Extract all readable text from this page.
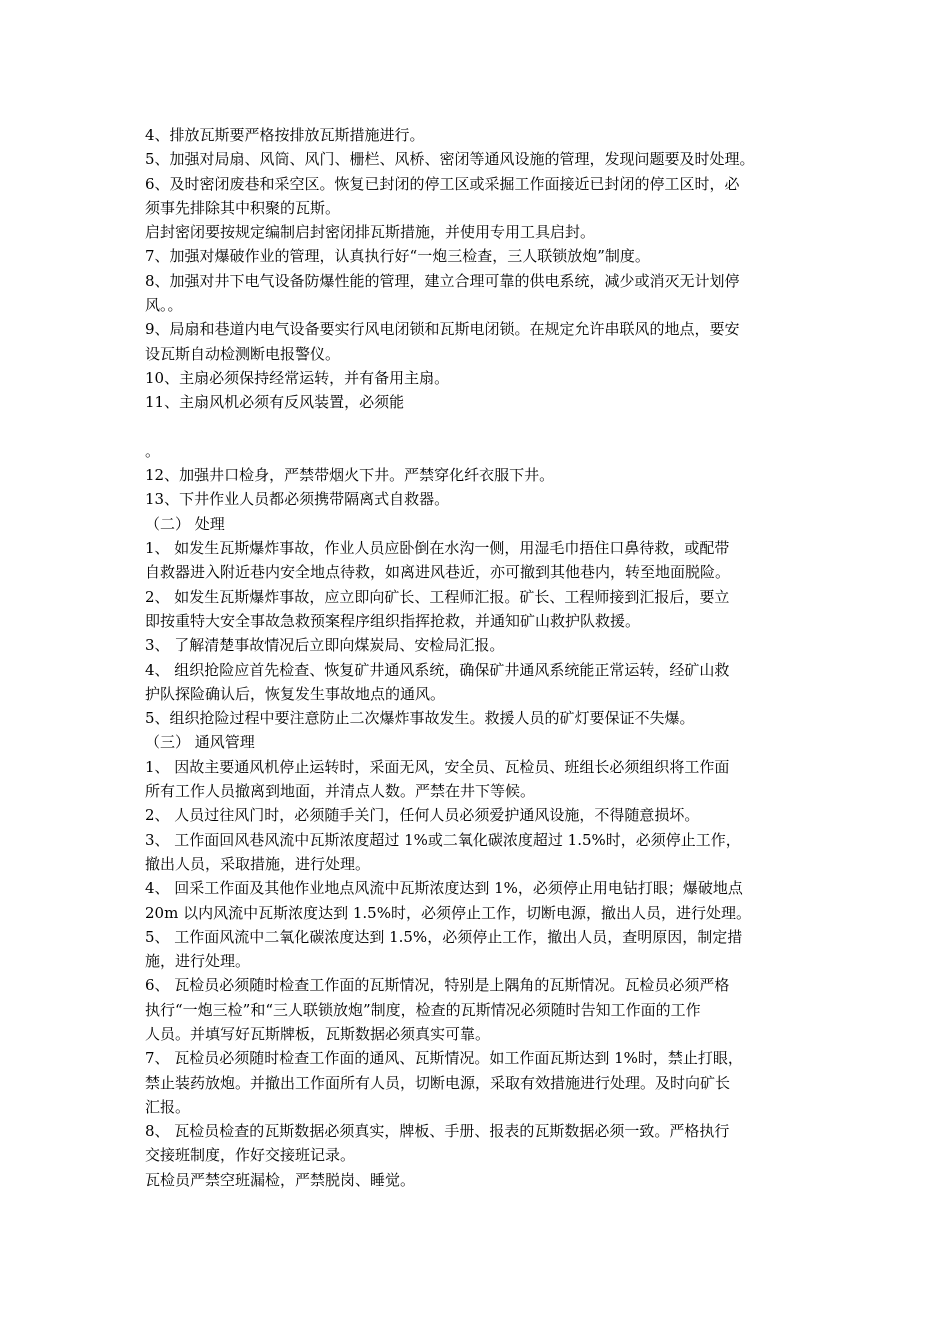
4、排放瓦斯要严格按排放瓦斯措施进行。
5、加强对局扇、风筒、风门、栅栏、风桥、密闭等通风设施的管理，发现问题要及时处理。
6、及时密闭废巷和采空区。恢复已封闭的停工区或采掘工作面接近已封闭的停工区时，必
须事先排除其中积聚的瓦斯。
启封密闭要按规定编制启封密闭排瓦斯措施，并使用专用工具启封。
7、加强对爆破作业的管理，认真执行好“一炮三检查，三人联锁放炮”制度。
8、加强对井下电气设备防爆性能的管理，建立合理可靠的供电系统，减少或消灭无计划停
风。。
9、局扇和巷道内电气设备要实行风电闭锁和瓦斯电闭锁。在规定允许串联风的地点，要安
设瓦斯自动检测断电报警仪。
10、主扇必须保持经常运转，并有备用主扇。
11、主扇风机必须有反风装置，必须能
。
12、加强井口检身，严禁带烟火下井。严禁穿化纤衣服下井。
13、下井作业人员都必须携带隔离式自救器。
（二） 处理
1、 如发生瓦斯爆炸事故，作业人员应卧倒在水沟一侧，用湿毛巾捂住口鼻待救，或配带
自救器进入附近巷内安全地点待救，如离进风巷近，亦可撤到其他巷内，转至地面脱险。
2、 如发生瓦斯爆炸事故，应立即向矿长、工程师汇报。矿长、工程师接到汇报后，要立
即按重特大安全事故急救预案程序组织指挥抢救，并通知矿山救护队救援。
3、 了解清楚事故情况后立即向煤炭局、安检局汇报。
4、 组织抢险应首先检查、恢复矿井通风系统，确保矿井通风系统能正常运转，经矿山救
护队探险确认后，恢复发生事故地点的通风。
5、组织抢险过程中要注意防止二次爆炸事故发生。救援人员的矿灯要保证不失爆。
（三） 通风管理
1、 因故主要通风机停止运转时，采面无风，安全员、瓦检员、班组长必须组织将工作面
所有工作人员撤离到地面，并清点人数。严禁在井下等候。
2、 人员过往风门时，必须随手关门，任何人员必须爱护通风设施，不得随意损坏。
3、 工作面回风巷风流中瓦斯浓度超过 1%或二氧化碳浓度超过 1.5%时，必须停止工作，
撤出人员，采取措施，进行处理。
4、 回采工作面及其他作业地点风流中瓦斯浓度达到 1%，必须停止用电钻打眼；爆破地点
20m 以内风流中瓦斯浓度达到 1.5%时，必须停止工作，切断电源，撤出人员，进行处理。
5、 工作面风流中二氧化碳浓度达到 1.5%，必须停止工作，撤出人员，查明原因，制定措
施，进行处理。
6、 瓦检员必须随时检查工作面的瓦斯情况，特别是上隅角的瓦斯情况。瓦检员必须严格
执行“一炮三检”和“三人联锁放炮”制度，检查的瓦斯情况必须随时告知工作面的工作
人员。并填写好瓦斯牌板，瓦斯数据必须真实可靠。
7、 瓦检员必须随时检查工作面的通风、瓦斯情况。如工作面瓦斯达到 1%时，禁止打眼，
禁止装药放炮。并撤出工作面所有人员，切断电源，采取有效措施进行处理。及时向矿长
汇报。
8、 瓦检员检查的瓦斯数据必须真实，牌板、手册、报表的瓦斯数据必须一致。严格执行
交接班制度，作好交接班记录。
瓦检员严禁空班漏检，严禁脱岗、睡觉。
